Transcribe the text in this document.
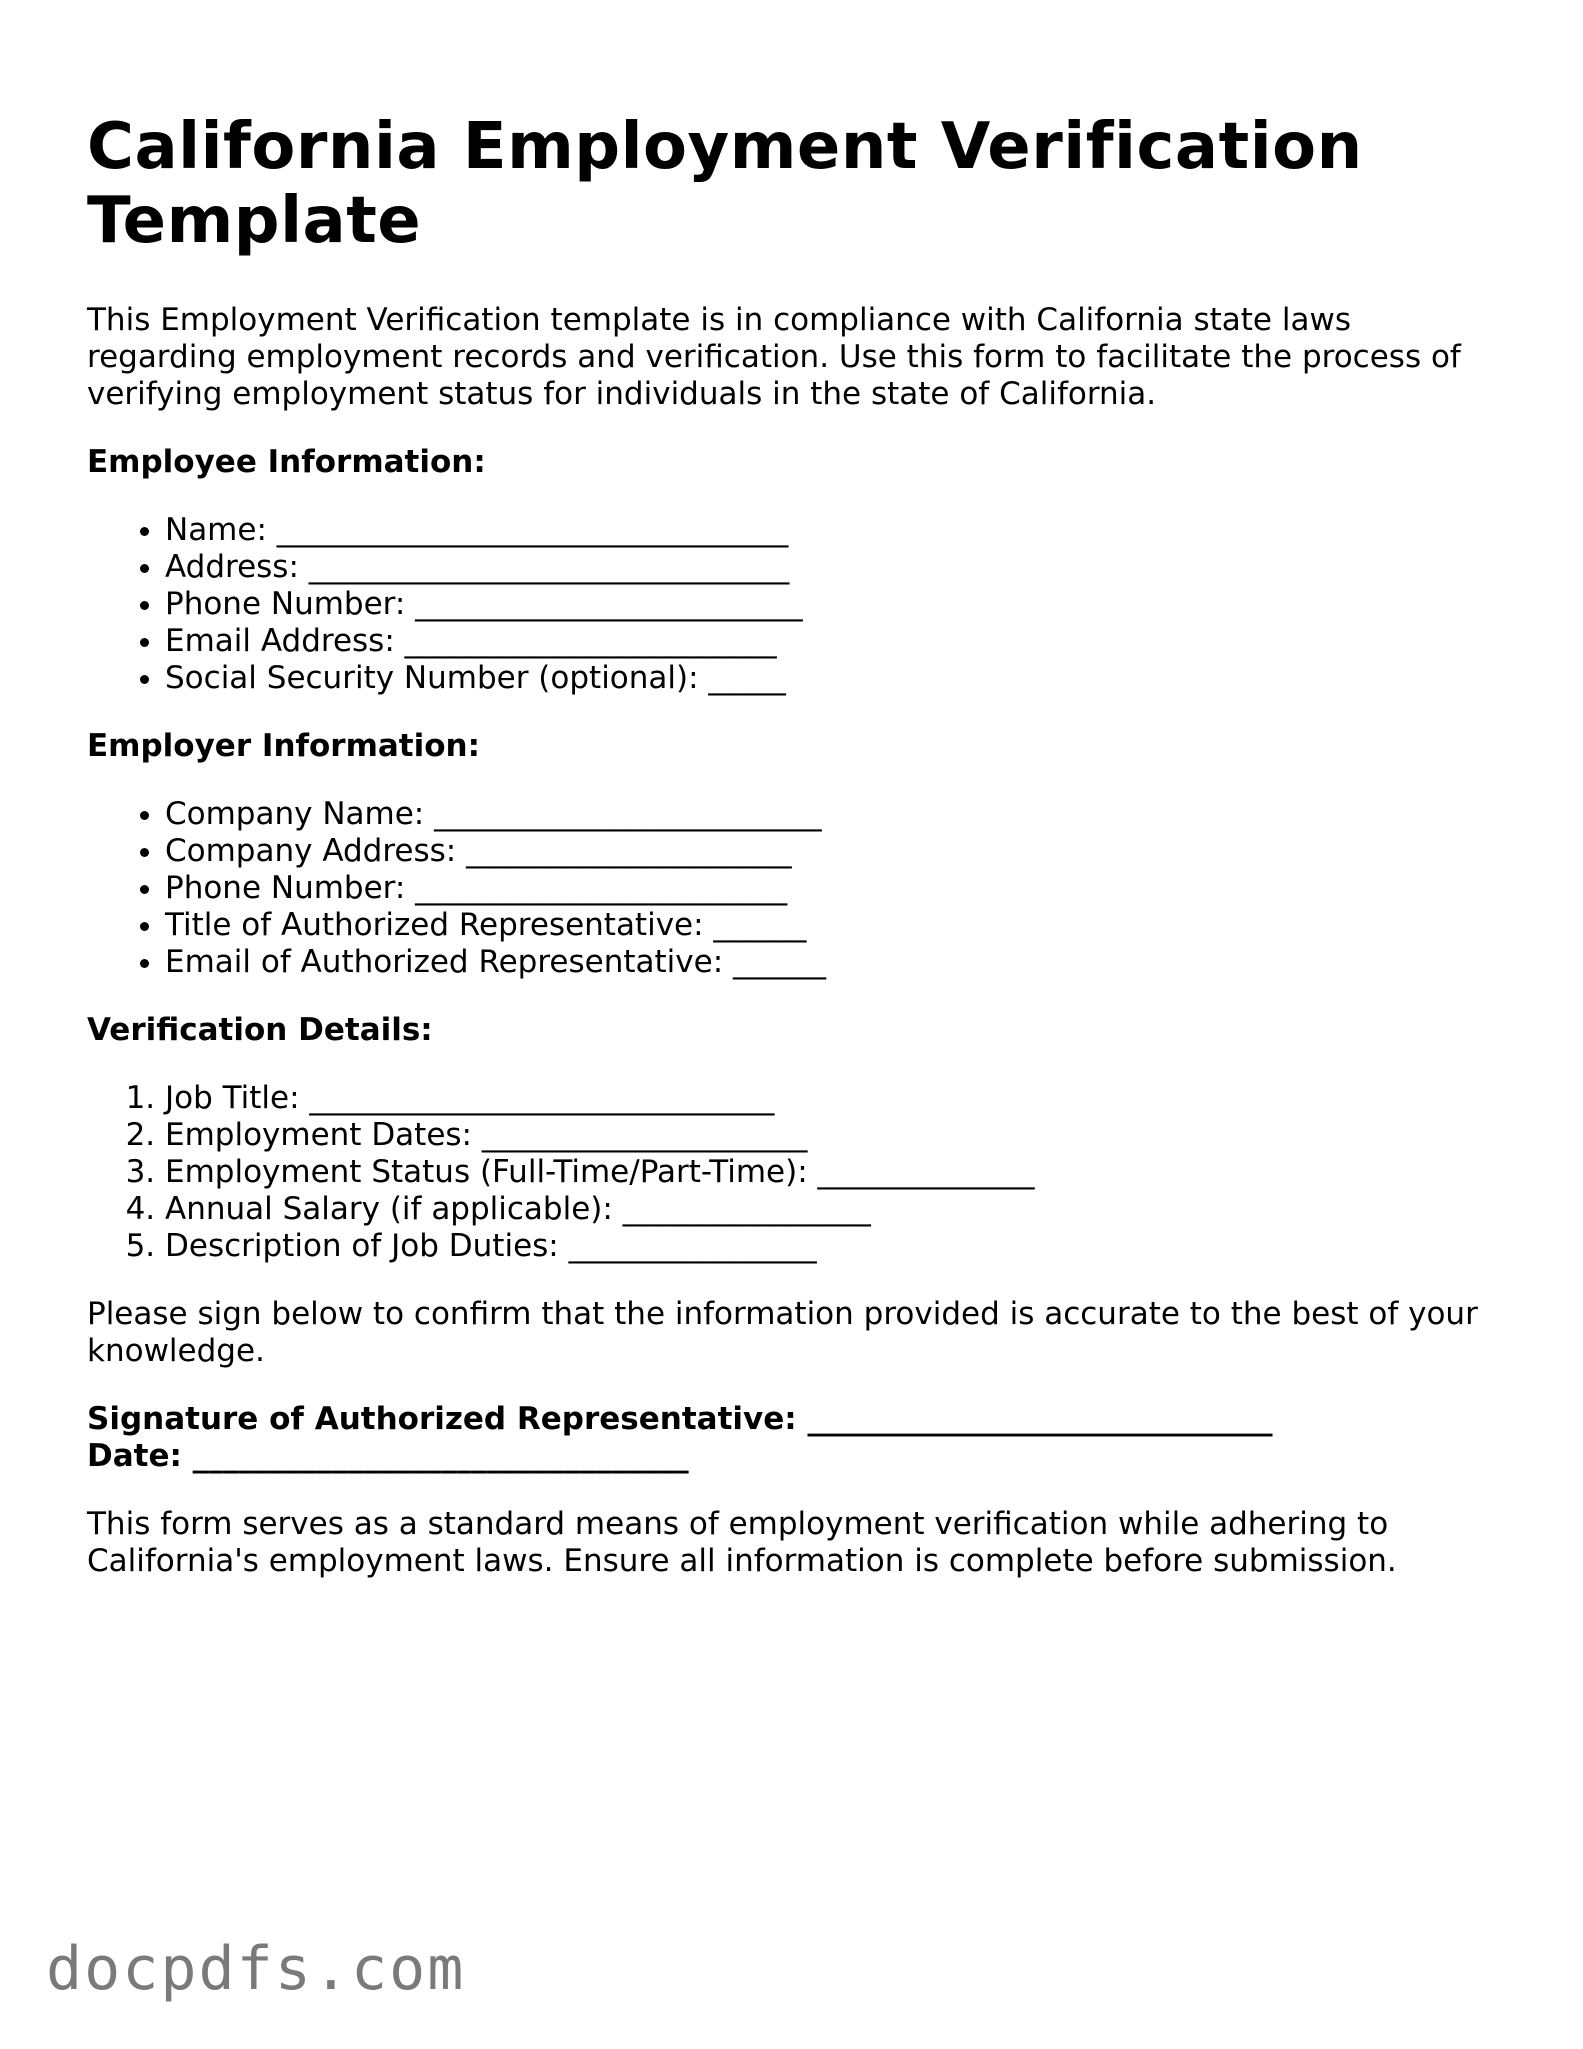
California Employment Verification Template

This Employment Verification template is in compliance with California state laws regarding employment records and verification. Use this form to facilitate the process of verifying employment status for individuals in the state of California.

Employee Information:
• Name: _________________________________
• Address: _______________________________
• Phone Number: _________________________
• Email Address: ________________________
• Social Security Number (optional): _____
Employer Information:
• Company Name: _________________________
• Company Address: _____________________
• Phone Number: ________________________
• Title of Authorized Representative: ______
• Email of Authorized Representative: ______
Verification Details:
1. Job Title: ______________________________
2. Employment Dates: _____________________
3. Employment Status (Full-Time/Part-Time): ______________
4. Annual Salary (if applicable): ________________
5. Description of Job Duties: ________________

Please sign below to confirm that the information provided is accurate to the best of your knowledge.

Signature of Authorized Representative: ______________________________
Date: ________________________________

This form serves as a standard means of employment verification while adhering to California's employment laws. Ensure all information is complete before submission.

docpdfs.com
